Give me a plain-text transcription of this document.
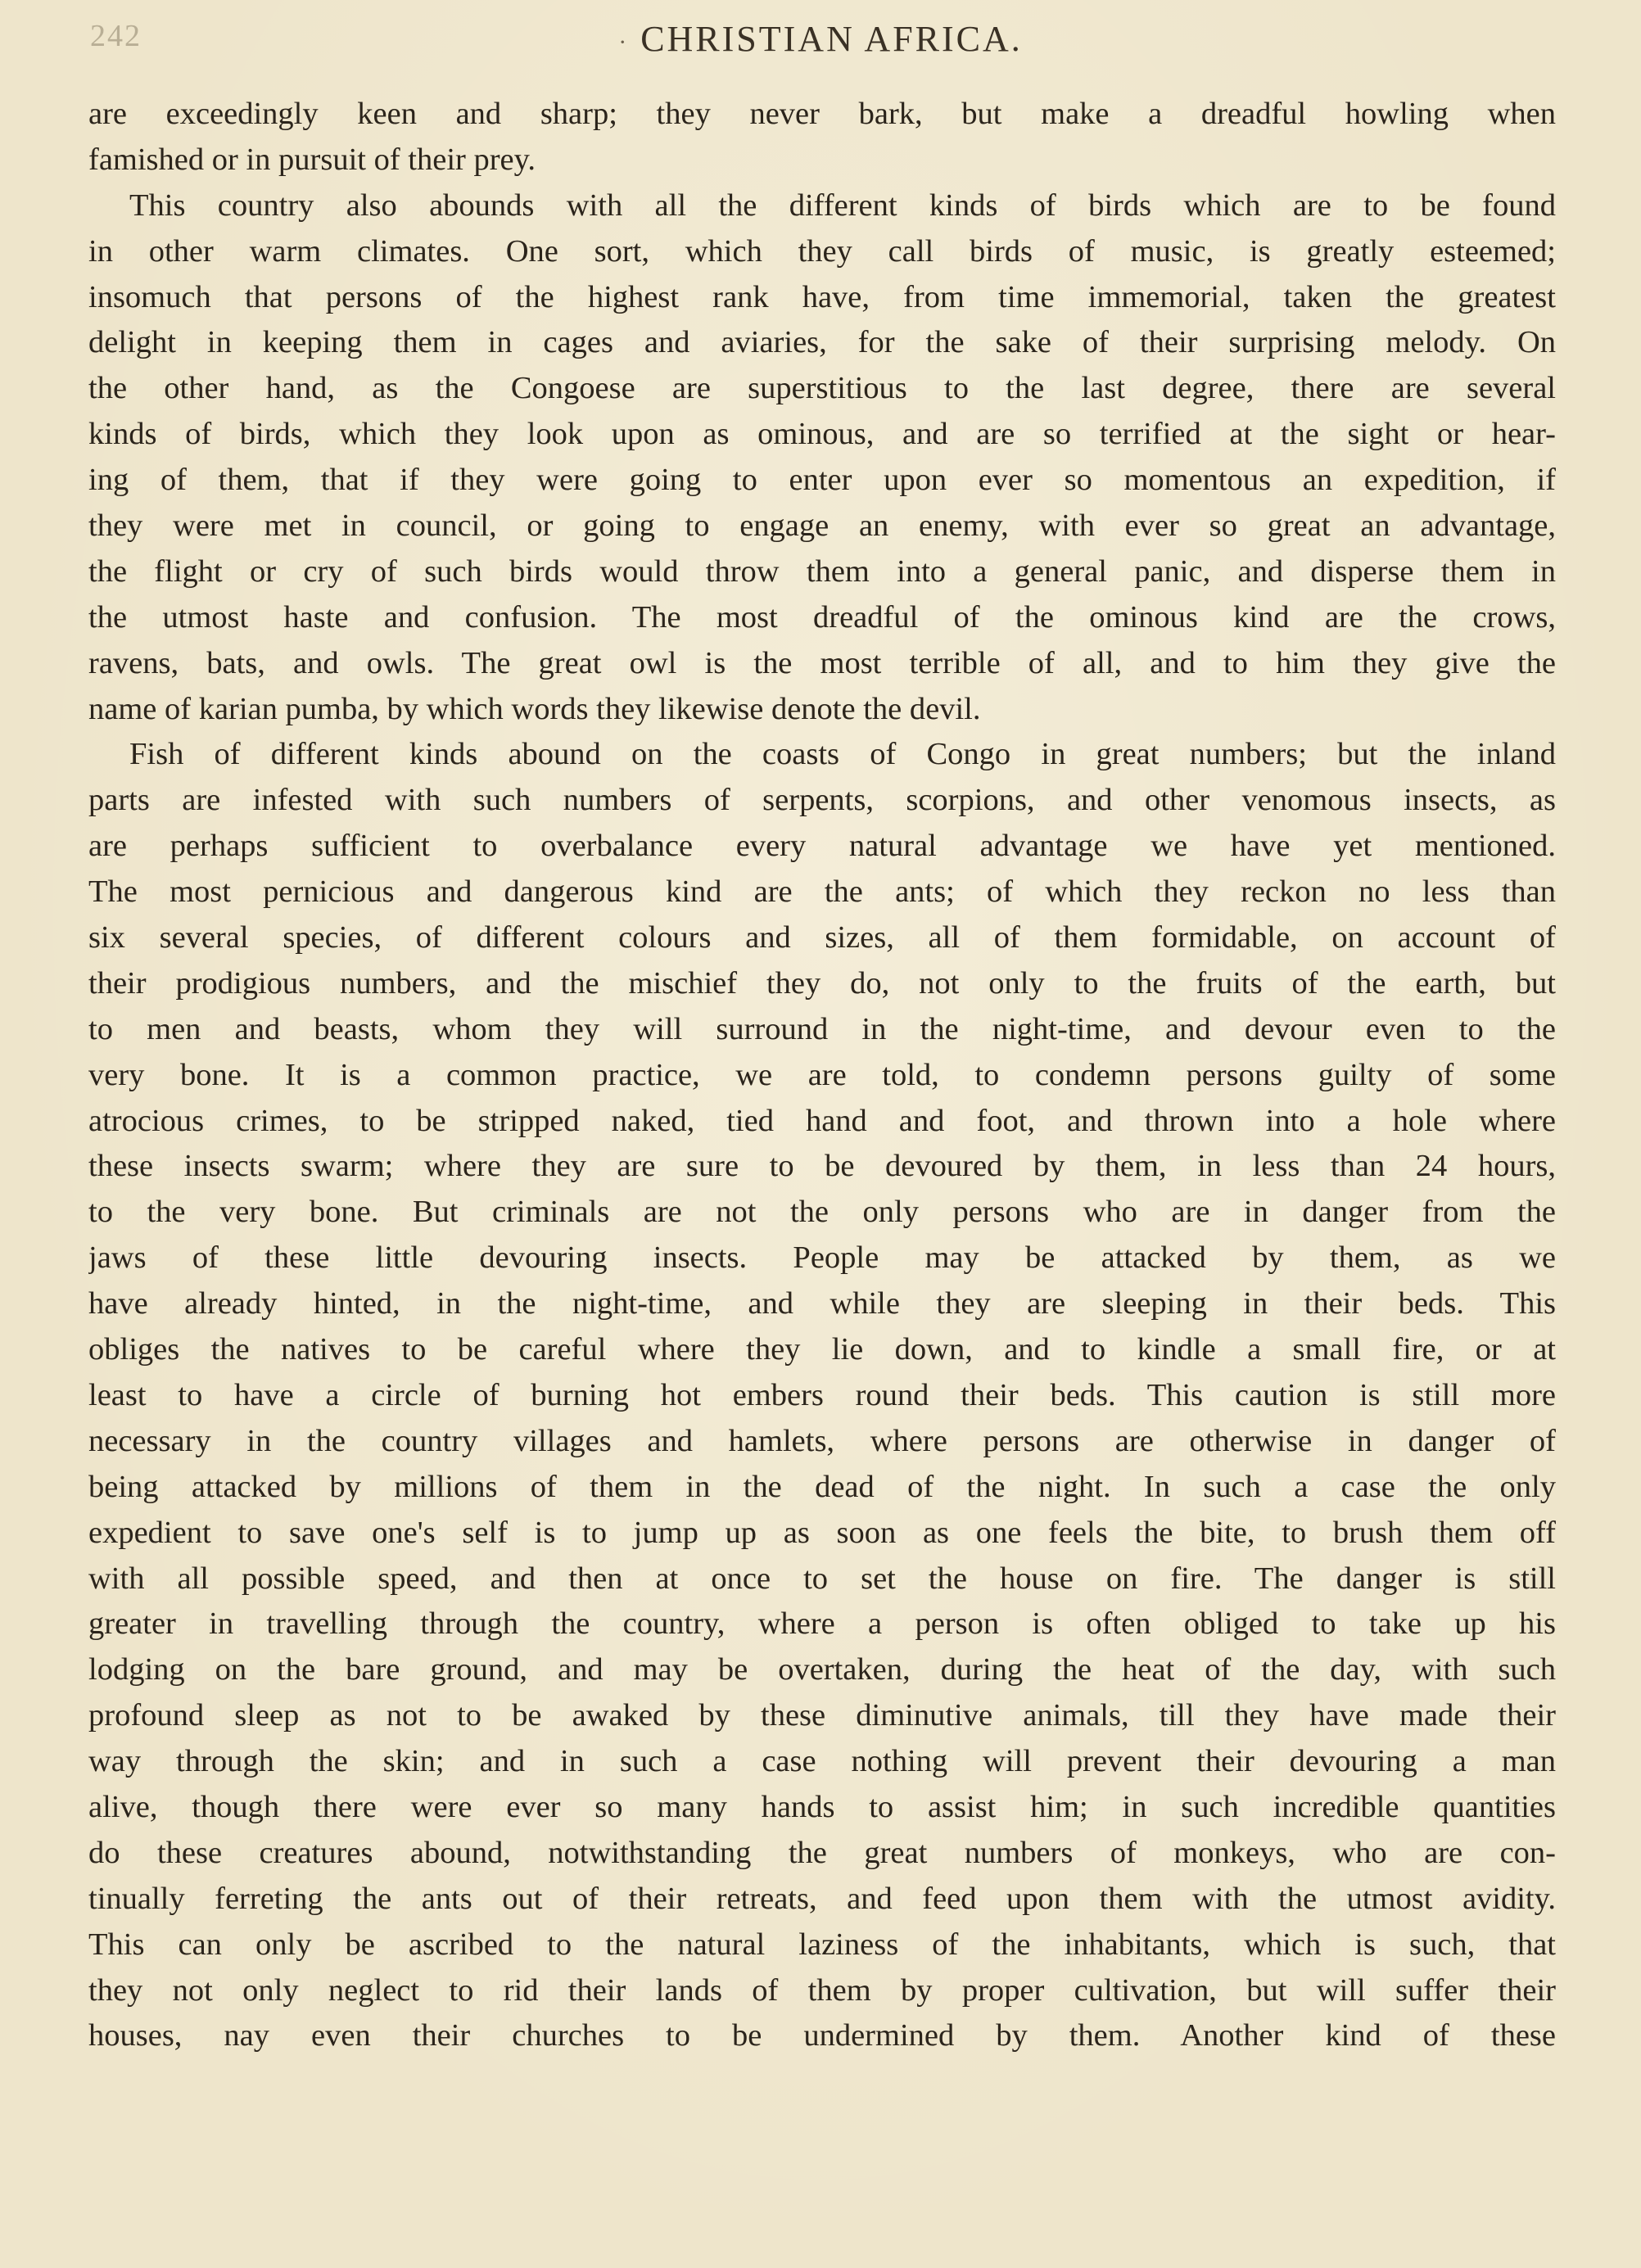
242	· CHRISTIAN AFRICA.
are exceedingly keen and sharp; they never bark, but make a dreadful howling when
famished or in pursuit of their prey.
This country also abounds with all the different kinds of birds which are to be found
in other warm climates. One sort, which they call birds of music, is greatly esteemed;
insomuch that persons of the highest rank have, from time immemorial, taken the greatest
delight in keeping them in cages and aviaries, for the sake of their surprising melody. On
the other hand, as the Congoese are superstitious to the last degree, there are several
kinds of birds, which they look upon as ominous, and are so terrified at the sight or hear-
ing of them, that if they were going to enter upon ever so momentous an expedition, if
they were met in council, or going to engage an enemy, with ever so great an advantage,
the flight or cry of such birds would throw them into a general panic, and disperse them in
the utmost haste and confusion. The most dreadful of the ominous kind are the crows,
ravens, bats, and owls. The great owl is the most terrible of all, and to him they give the
name of karian pumba, by which words they likewise denote the devil.
Fish of different kinds abound on the coasts of Congo in great numbers; but the inland
parts are infested with such numbers of serpents, scorpions, and other venomous insects, as
are perhaps sufficient to overbalance every natural advantage we have yet mentioned.
The most pernicious and dangerous kind are the ants; of which they reckon no less than
six several species, of different colours and sizes, all of them formidable, on account of
their prodigious numbers, and the mischief they do, not only to the fruits of the earth, but
to men and beasts, whom they will surround in the night-time, and devour even to the
very bone. It is a common practice, we are told, to condemn persons guilty of some
atrocious crimes, to be stripped naked, tied hand and foot, and thrown into a hole where
these insects swarm; where they are sure to be devoured by them, in less than 24 hours,
to the very bone. But criminals are not the only persons who are in danger from the
jaws of these little devouring insects. People may be attacked by them, as we
have already hinted, in the night-time, and while they are sleeping in their beds. This
obliges the natives to be careful where they lie down, and to kindle a small fire, or at
least to have a circle of burning hot embers round their beds. This caution is still more
necessary in the country villages and hamlets, where persons are otherwise in danger of
being attacked by millions of them in the dead of the night. In such a case the only
expedient to save one's self is to jump up as soon as one feels the bite, to brush them off
with all possible speed, and then at once to set the house on fire. The danger is still
greater in travelling through the country, where a person is often obliged to take up his
lodging on the bare ground, and may be overtaken, during the heat of the day, with such
profound sleep as not to be awaked by these diminutive animals, till they have made their
way through the skin; and in such a case nothing will prevent their devouring a man
alive, though there were ever so many hands to assist him; in such incredible quantities
do these creatures abound, notwithstanding the great numbers of monkeys, who are con-
tinually ferreting the ants out of their retreats, and feed upon them with the utmost avidity.
This can only be ascribed to the natural laziness of the inhabitants, which is such, that
they not only neglect to rid their lands of them by proper cultivation, but will suffer their
houses, nay even their churches to be undermined by them. Another kind of these
